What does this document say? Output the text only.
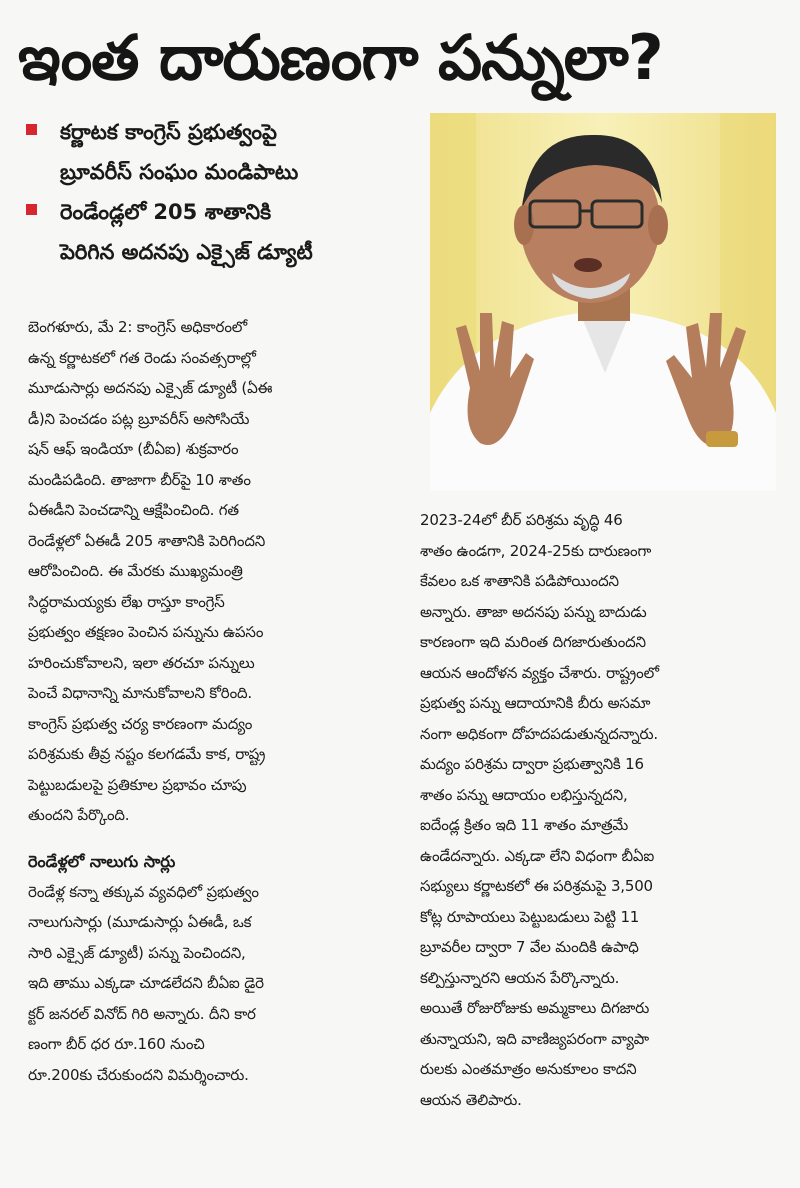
ఇంత దారుణంగా పన్నులా?
కర్ణాటక కాంగ్రెస్ ప్రభుత్వంపై
బ్రూవరీస్ సంఘం మండిపాటు
రెండేండ్లలో 205 శాతానికి
పెరిగిన అదనపు ఎక్సైజ్ డ్యూటీ
బెంగళూరు, మే 2: కాంగ్రెస్ అధికారంలో
ఉన్న కర్ణాటకలో గత రెండు సంవత్సరాల్లో
మూడుసార్లు అదనపు ఎక్సైజ్ డ్యూటీ (ఏఈ
డీ)ని పెంచడం పట్ల బ్రూవరీస్ అసోసియే
షన్ ఆఫ్ ఇండియా (బీఏఐ) శుక్రవారం
మండిపడింది. తాజాగా బీర్‌పై 10 శాతం
ఏఈడీని పెంచడాన్ని ఆక్షేపించింది. గత
రెండేళ్లలో ఏఈడీ 205 శాతానికి పెరిగిందని
ఆరోపించింది. ఈ మేరకు ముఖ్యమంత్రి
సిద్ధరామయ్యకు లేఖ రాస్తూ కాంగ్రెస్
ప్రభుత్వం తక్షణం పెంచిన పన్నును ఉపసం
హరించుకోవాలని, ఇలా తరచూ పన్నులు
పెంచే విధానాన్ని మానుకోవాలని కోరింది.
కాంగ్రెస్ ప్రభుత్వ చర్య కారణంగా మద్యం
పరిశ్రమకు తీవ్ర నష్టం కలగడమే కాక, రాష్ట్ర
పెట్టుబడులపై ప్రతికూల ప్రభావం చూపు
తుందని పేర్కొంది.
రెండేళ్లలో నాలుగు సార్లు
రెండేళ్ల కన్నా తక్కువ వ్యవధిలో ప్రభుత్వం
నాలుగుసార్లు (మూడుసార్లు ఏఈడీ, ఒక
సారి ఎక్సైజ్ డ్యూటీ) పన్ను పెంచిందని,
ఇది తాము ఎక్కడా చూడలేదని బీఏఐ డైరె
క్టర్ జనరల్ వినోద్ గిరి అన్నారు. దీని కార
ణంగా బీర్ ధర రూ.160 నుంచి
రూ.200కు చేరుకుందని విమర్శించారు.
2023-24లో బీర్ పరిశ్రమ వృద్ధి 46
శాతం ఉండగా, 2024-25కు దారుణంగా
కేవలం ఒక శాతానికి పడిపోయిందని
అన్నారు. తాజా అదనపు పన్ను బాదుడు
కారణంగా ఇది మరింత దిగజారుతుందని
ఆయన ఆందోళన వ్యక్తం చేశారు. రాష్ట్రంలో
ప్రభుత్వ పన్ను ఆదాయానికి బీరు అసమా
నంగా అధికంగా దోహదపడుతున్నదన్నారు.
మద్యం పరిశ్రమ ద్వారా ప్రభుత్వానికి 16
శాతం పన్ను ఆదాయం లభిస్తున్నదని,
ఐదేండ్ల క్రితం ఇది 11 శాతం మాత్రమే
ఉండేదన్నారు. ఎక్కడా లేని విధంగా బీఏఐ
సభ్యులు కర్ణాటకలో ఈ పరిశ్రమపై 3,500
కోట్ల రూపాయలు పెట్టుబడులు పెట్టి 11
బ్రూవరీల ద్వారా 7 వేల మందికి ఉపాధి
కల్పిస్తున్నారని ఆయన పేర్కొన్నారు.
అయితే రోజురోజుకు అమ్మకాలు దిగజారు
తున్నాయని, ఇది వాణిజ్యపరంగా వ్యాపా
రులకు ఎంతమాత్రం అనుకూలం కాదని
ఆయన తెలిపారు.
